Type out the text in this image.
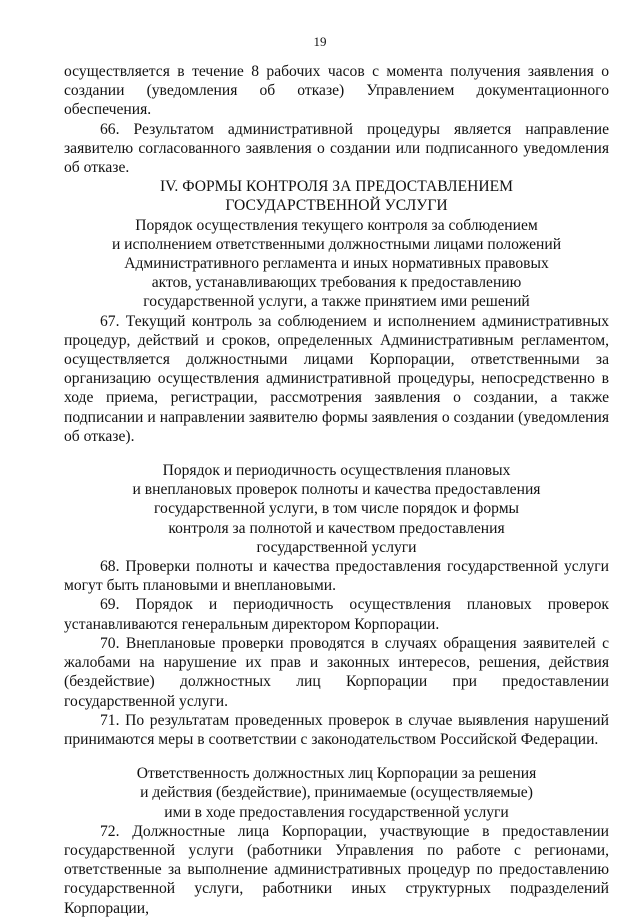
19

осуществляется в течение 8 рабочих часов с момента получения заявления о создании (уведомления об отказе) Управлением документационного обеспечения.

66. Результатом административной процедуры является направление заявителю согласованного заявления о создании или подписанного уведомления об отказе.

IV. ФОРМЫ КОНТРОЛЯ ЗА ПРЕДОСТАВЛЕНИЕМ
ГОСУДАРСТВЕННОЙ УСЛУГИ
Порядок осуществления текущего контроля за соблюдением
и исполнением ответственными должностными лицами положений
Административного регламента и иных нормативных правовых
актов, устанавливающих требования к предоставлению
государственной услуги, а также принятием ими решений

67. Текущий контроль за соблюдением и исполнением административных процедур, действий и сроков, определенных Административным регламентом, осуществляется должностными лицами Корпорации, ответственными за организацию осуществления административной процедуры, непосредственно в ходе приема, регистрации, рассмотрения заявления о создании, а также подписании и направлении заявителю формы заявления о создании (уведомления об отказе).

Порядок и периодичность осуществления плановых
и внеплановых проверок полноты и качества предоставления
государственной услуги, в том числе порядок и формы
контроля за полнотой и качеством предоставления
государственной услуги

68. Проверки полноты и качества предоставления государственной услуги могут быть плановыми и внеплановыми.

69. Порядок и периодичность осуществления плановых проверок устанавливаются генеральным директором Корпорации.

70. Внеплановые проверки проводятся в случаях обращения заявителей с жалобами на нарушение их прав и законных интересов, решения, действия (бездействие) должностных лиц Корпорации при предоставлении государственной услуги.

71. По результатам проведенных проверок в случае выявления нарушений принимаются меры в соответствии с законодательством Российской Федерации.

Ответственность должностных лиц Корпорации за решения
и действия (бездействие), принимаемые (осуществляемые)
ими в ходе предоставления государственной услуги

72. Должностные лица Корпорации, участвующие в предоставлении государственной услуги (работники Управления по работе с регионами, ответственные за выполнение административных процедур по предоставлению государственной услуги, работники иных структурных подразделений Корпорации,
